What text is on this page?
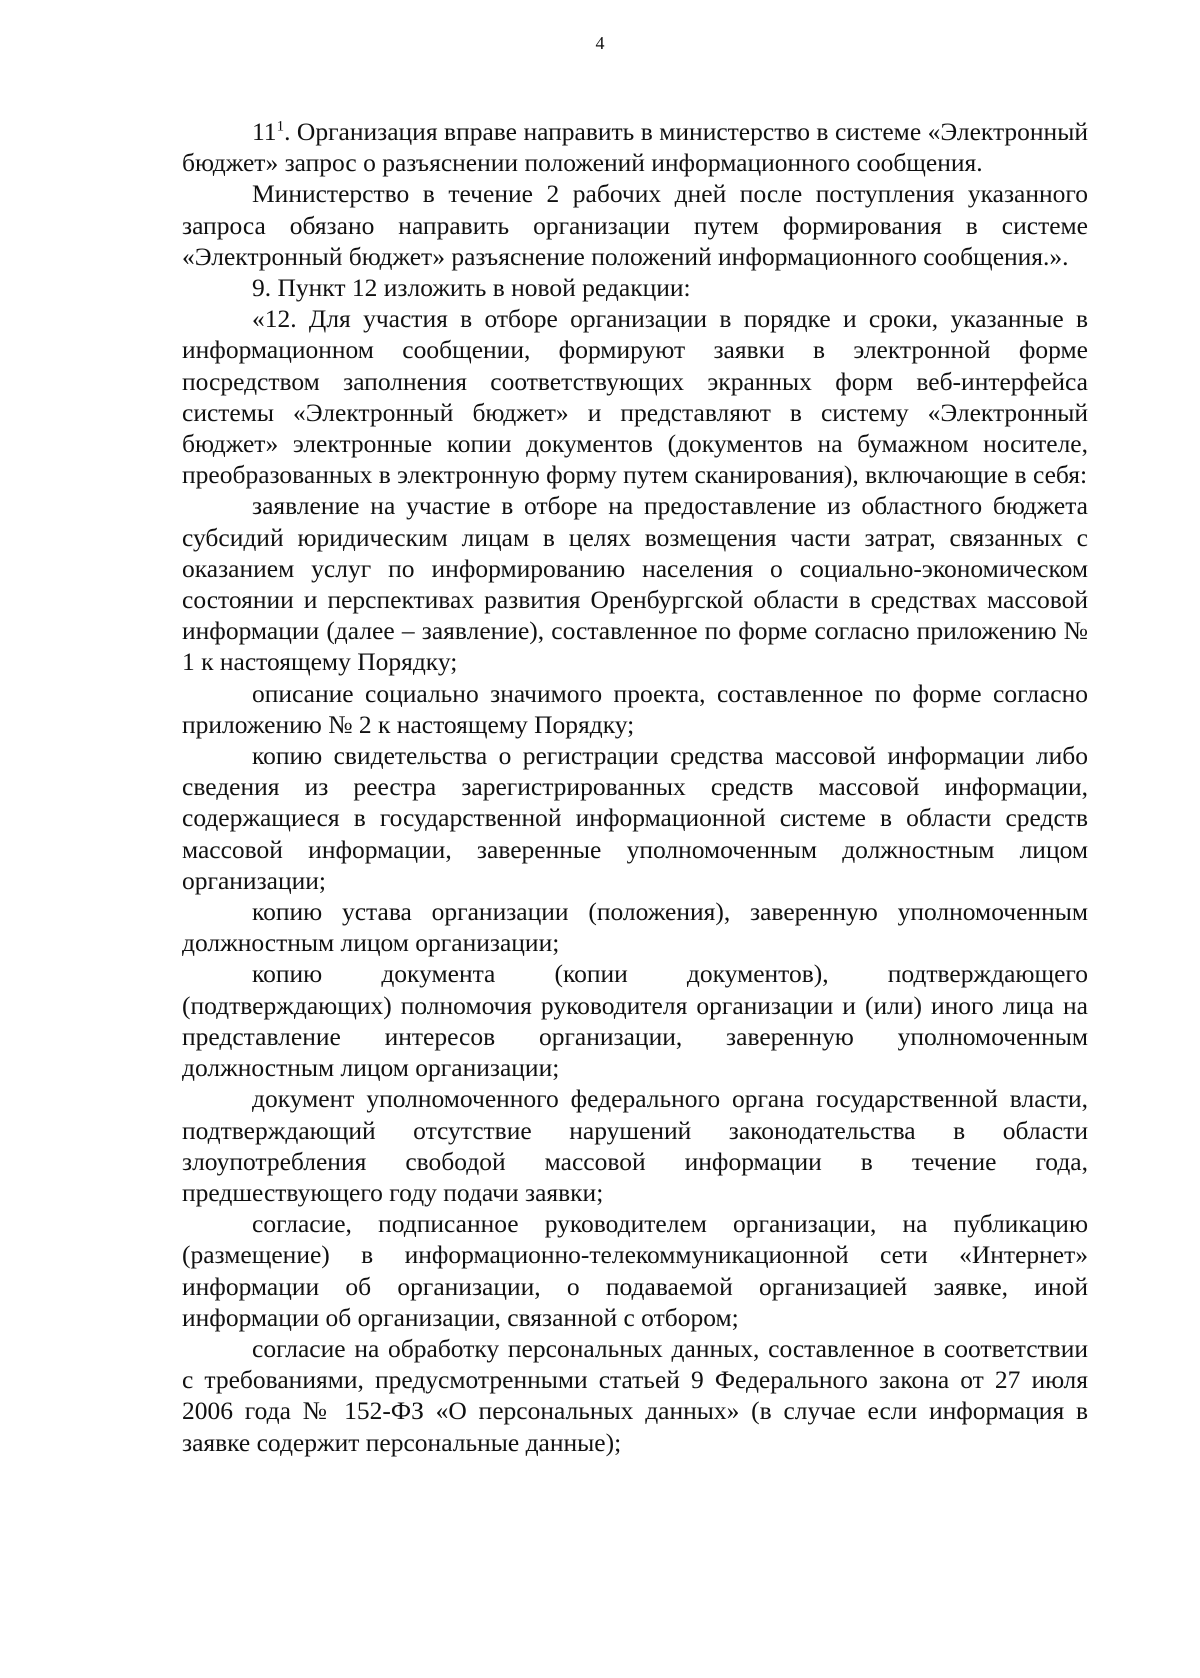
4

$11^1$. Организация вправе направить в министерство в системе «Электронный бюджет» запрос о разъяснении положений информационного сообщения.

Министерство в течение 2 рабочих дней после поступления указанного запроса обязано направить организации путем формирования в системе «Электронный бюджет» разъяснение положений информационного сообщения.».

9. Пункт 12 изложить в новой редакции:

«12. Для участия в отборе организации в порядке и сроки, указанные в информационном сообщении, формируют заявки в электронной форме посредством заполнения соответствующих экранных форм веб-интерфейса системы «Электронный бюджет» и представляют в систему «Электронный бюджет» электронные копии документов (документов на бумажном носителе, преобразованных в электронную форму путем сканирования), включающие в себя:

заявление на участие в отборе на предоставление из областного бюджета субсидий юридическим лицам в целях возмещения части затрат, связанных с оказанием услуг по информированию населения о социально-экономическом состоянии и перспективах развития Оренбургской области в средствах массовой информации (далее – заявление), составленное по форме согласно приложению № 1 к настоящему Порядку;

описание социально значимого проекта, составленное по форме согласно приложению № 2 к настоящему Порядку;

копию свидетельства о регистрации средства массовой информации либо сведения из реестра зарегистрированных средств массовой информации, содержащиеся в государственной информационной системе в области средств массовой информации, заверенные уполномоченным должностным лицом организации;

копию устава организации (положения), заверенную уполномоченным должностным лицом организации;

копию документа (копии документов), подтверждающего (подтверждающих) полномочия руководителя организации и (или) иного лица на представление интересов организации, заверенную уполномоченным должностным лицом организации;

документ уполномоченного федерального органа государственной власти, подтверждающий отсутствие нарушений законодательства в области злоупотребления свободой массовой информации в течение года, предшествующего году подачи заявки;

согласие, подписанное руководителем организации, на публикацию (размещение) в информационно-телекоммуникационной сети «Интернет» информации об организации, о подаваемой организацией заявке, иной информации об организации, связанной с отбором;

согласие на обработку персональных данных, составленное в соответствии с требованиями, предусмотренными статьей 9 Федерального закона от 27 июля 2006 года № 152-ФЗ «О персональных данных» (в случае если информация в заявке содержит персональные данные);
